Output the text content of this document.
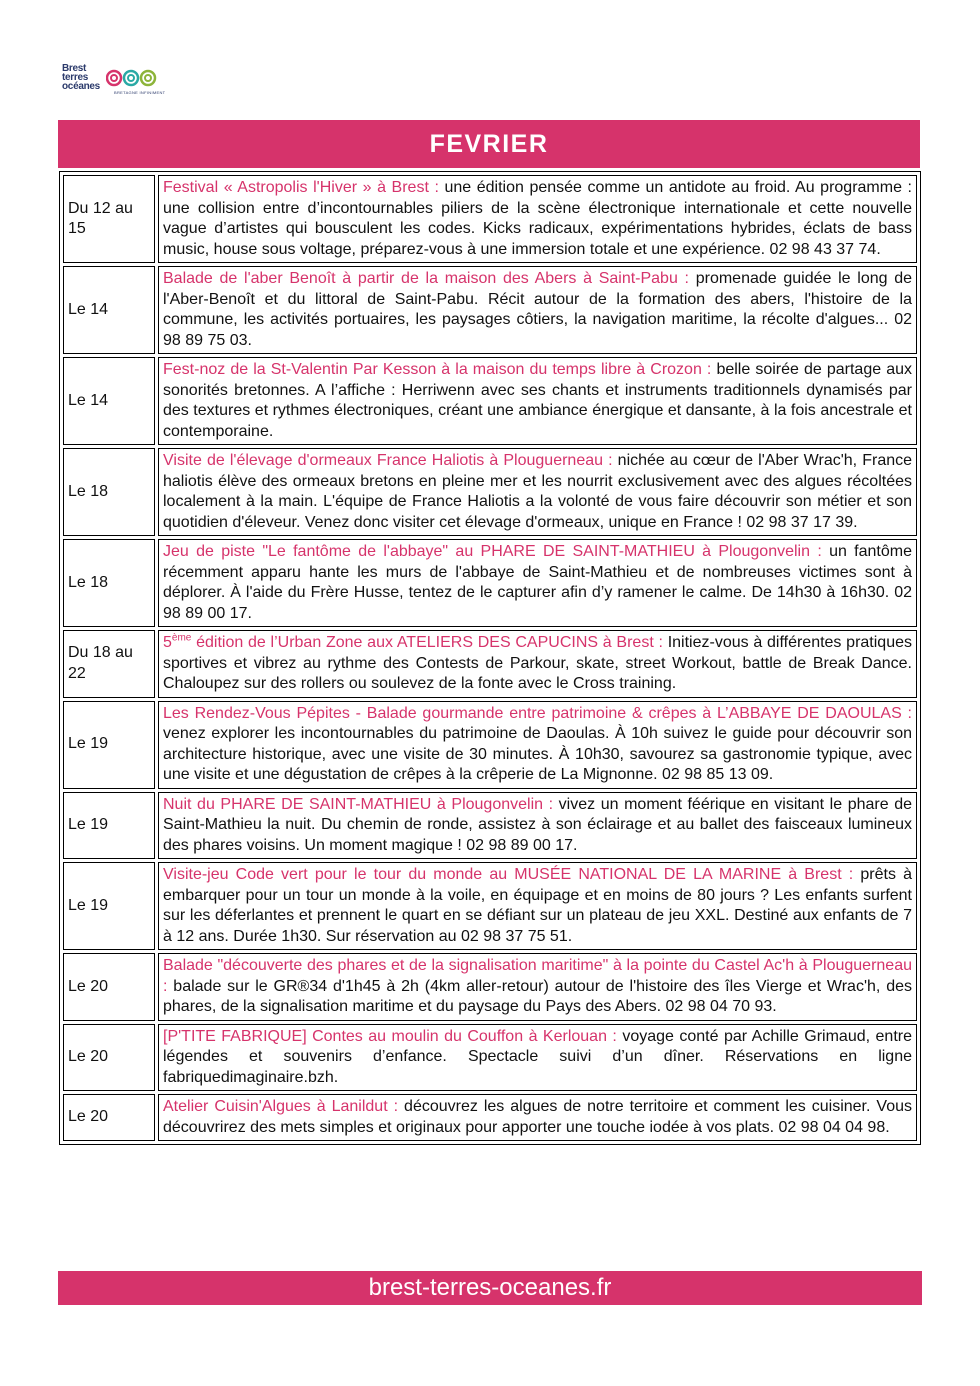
Brest
terres
océanes
BRETAGNE INFINIMENT
FEVRIER
Du 12 au 15	Festival « Astropolis l'Hiver » à Brest : une édition pensée comme un antidote au froid. Au programme : une collision entre d’incontournables piliers de la scène électronique internationale et cette nouvelle vague d’artistes qui bousculent les codes. Kicks radicaux, expérimentations hybrides, éclats de bass music, house sous voltage, préparez-vous à une immersion totale et une expérience. 02 98 43 37 74.
Le 14	Balade de l'aber Benoît à partir de la maison des Abers à Saint-Pabu : promenade guidée le long de l'Aber-Benoît et du littoral de Saint-Pabu. Récit autour de la formation des abers, l'histoire de la commune, les activités portuaires, les paysages côtiers, la navigation maritime, la récolte d'algues... 02 98 89 75 03.
Le 14	Fest-noz de la St-Valentin Par Kesson à la maison du temps libre à Crozon : belle soirée de partage aux sonorités bretonnes. A l’affiche : Herriwenn avec ses chants et instruments traditionnels dynamisés par des textures et rythmes électroniques, créant une ambiance énergique et dansante, à la fois ancestrale et contemporaine.
Le 18	Visite de l'élevage d'ormeaux France Haliotis à Plouguerneau : nichée au cœur de l'Aber Wrac'h, France haliotis élève des ormeaux bretons en pleine mer et les nourrit exclusivement avec des algues récoltées localement à la main. L'équipe de France Haliotis a la volonté de vous faire découvrir son métier et son quotidien d'éleveur. Venez donc visiter cet élevage d'ormeaux, unique en France ! 02 98 37 17 39.
Le 18	Jeu de piste "Le fantôme de l'abbaye" au PHARE DE SAINT-MATHIEU à Plougonvelin : un fantôme récemment apparu hante les murs de l'abbaye de Saint-Mathieu et de nombreuses victimes sont à déplorer. À l'aide du Frère Husse, tentez de le capturer afin d’y ramener le calme. De 14h30 à 16h30. 02 98 89 00 17.
Du 18 au 22	5ème édition de l’Urban Zone aux ATELIERS DES CAPUCINS à Brest : Initiez-vous à différentes pratiques sportives et vibrez au rythme des Contests de Parkour, skate, street Workout, battle de Break Dance. Chaloupez sur des rollers ou soulevez de la fonte avec le Cross training.
Le 19	Les Rendez-Vous Pépites - Balade gourmande entre patrimoine & crêpes à L’ABBAYE DE DAOULAS : venez explorer les incontournables du patrimoine de Daoulas. À 10h suivez le guide pour découvrir son architecture historique, avec une visite de 30 minutes. À 10h30, savourez sa gastronomie typique, avec une visite et une dégustation de crêpes à la crêperie de La Mignonne. 02 98 85 13 09.
Le 19	Nuit du PHARE DE SAINT-MATHIEU à Plougonvelin : vivez un moment féérique en visitant le phare de Saint-Mathieu la nuit. Du chemin de ronde, assistez à son éclairage et au ballet des faisceaux lumineux des phares voisins. Un moment magique ! 02 98 89 00 17.
Le 19	Visite-jeu Code vert pour le tour du monde au MUSÉE NATIONAL DE LA MARINE à Brest : prêts à embarquer pour un tour un monde à la voile, en équipage et en moins de 80 jours ? Les enfants surfent sur les déferlantes et prennent le quart en se défiant sur un plateau de jeu XXL. Destiné aux enfants de 7 à 12 ans. Durée 1h30. Sur réservation au 02 98 37 75 51.
Le 20	Balade "découverte des phares et de la signalisation maritime" à la pointe du Castel Ac'h à Plouguerneau : balade sur le GR®34 d'1h45 à 2h (4km aller-retour) autour de l'histoire des îles Vierge et Wrac'h, des phares, de la signalisation maritime et du paysage du Pays des Abers. 02 98 04 70 93.
Le 20	[P'TITE FABRIQUE] Contes au moulin du Couffon à Kerlouan : voyage conté par Achille Grimaud, entre légendes et souvenirs d’enfance. Spectacle suivi d’un dîner. Réservations en ligne fabriquedimaginaire.bzh.
Le 20	Atelier Cuisin'Algues à Lanildut : découvrez les algues de notre territoire et comment les cuisiner. Vous découvrirez des mets simples et originaux pour apporter une touche iodée à vos plats. 02 98 04 04 98.
brest-terres-oceanes.fr
